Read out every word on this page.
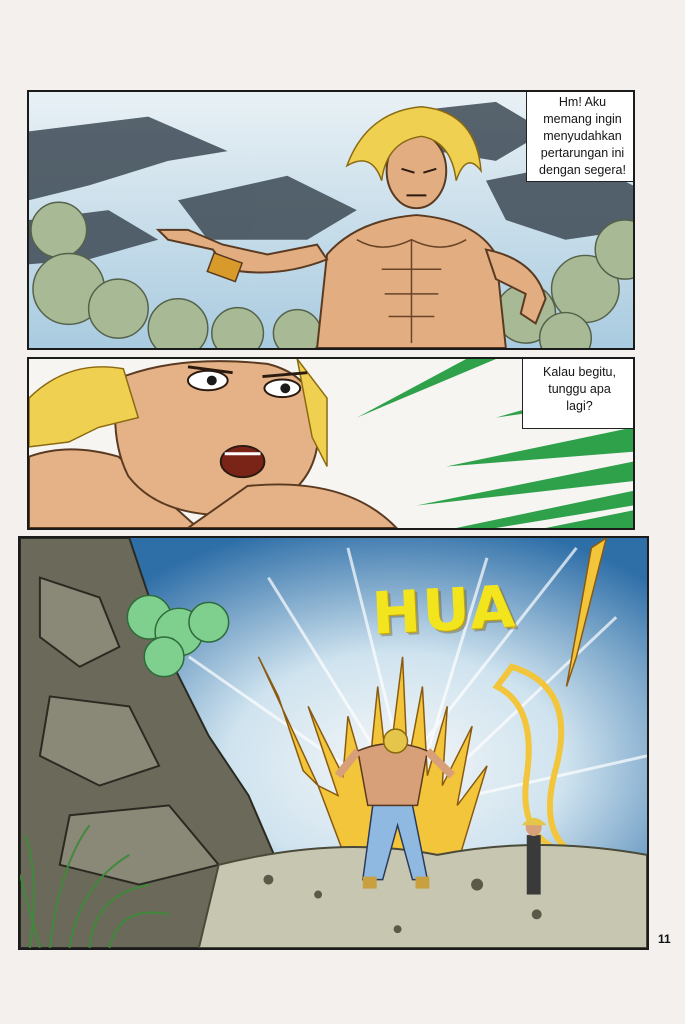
Hm! Aku
memang ingin
menyudahkan
pertarungan ini
dengan segera!
Kalau begitu,
tunggu apa
lagi?
HUA
11
